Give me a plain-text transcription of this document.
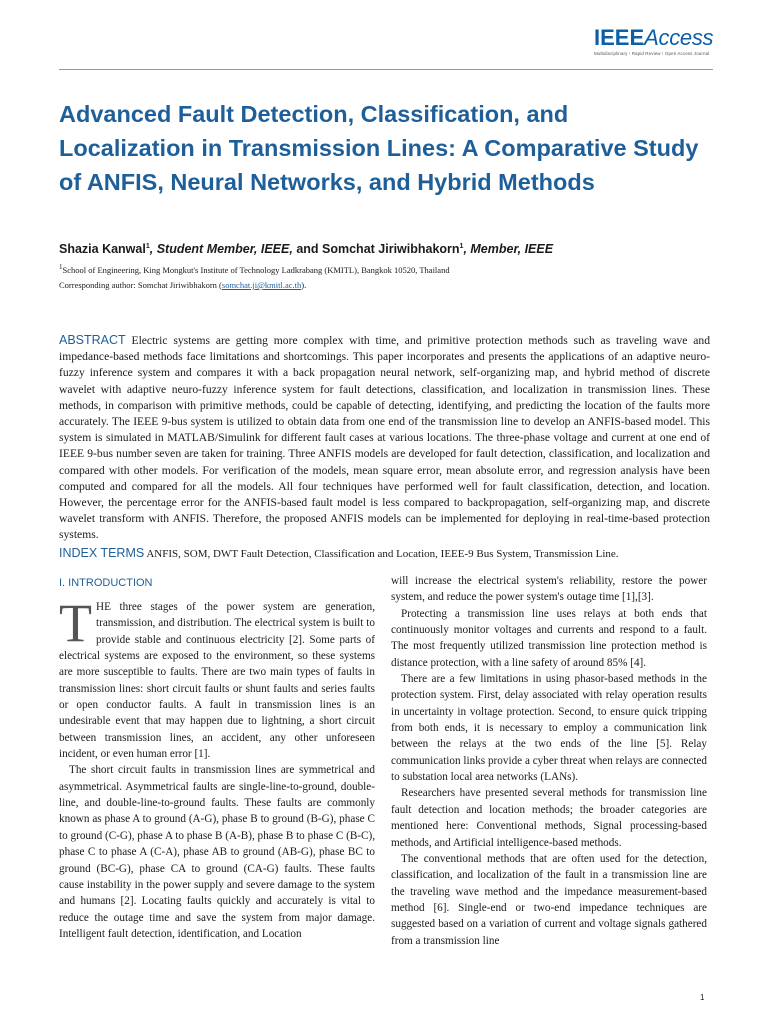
IEEEAccess
Multidisciplinary ⁝ Rapid Review ⁝ Open Access Journal
Advanced Fault Detection, Classification, and Localization in Transmission Lines: A Comparative Study of ANFIS, Neural Networks, and Hybrid Methods
Shazia Kanwal$^1$, Student Member, IEEE, and Somchat Jiriwibhakorn$^1$, Member, IEEE
$^1$School of Engineering, King Mongkut's Institute of Technology Ladkrabang (KMITL), Bangkok 10520, Thailand
Corresponding author: Somchat Jiriwibhakorn (somchat.ji@kmitl.ac.th).

ABSTRACT Electric systems are getting more complex with time, and primitive protection methods such as traveling wave and impedance-based methods face limitations and shortcomings. This paper incorporates and presents the applications of an adaptive neuro-fuzzy inference system and compares it with a back propagation neural network, self-organizing map, and hybrid method of discrete wavelet with adaptive neuro-fuzzy inference system for fault detections, classification, and localization in transmission lines. These methods, in comparison with primitive methods, could be capable of detecting, identifying, and predicting the location of the faults more accurately. The IEEE 9-bus system is utilized to obtain data from one end of the transmission line to develop an ANFIS-based model. This system is simulated in MATLAB/Simulink for different fault cases at various locations. The three-phase voltage and current at one end of IEEE 9-bus number seven are taken for training. Three ANFIS models are developed for fault detection, classification, and localization and compared with other models. For verification of the models, mean square error, mean absolute error, and regression analysis have been computed and compared for all the models. All four techniques have performed well for fault classification, detection, and location. However, the percentage error for the ANFIS-based fault model is less compared to backpropagation, self-organizing map, and discrete wavelet transform with ANFIS. Therefore, the proposed ANFIS models can be implemented for deploying in real-time-based protection systems.

INDEX TERMS ANFIS, SOM, DWT Fault Detection, Classification and Location, IEEE-9 Bus System, Transmission Line.

I. INTRODUCTION

THE three stages of the power system are generation, transmission, and distribution. The electrical system is built to provide stable and continuous electricity [2]. Some parts of electrical systems are exposed to the environment, so these systems are more susceptible to faults. There are two main types of faults in transmission lines: short circuit faults or shunt faults and series faults or open conductor faults. A fault in transmission lines is an undesirable event that may happen due to lightning, a short circuit between transmission lines, an accident, any other unforeseen incident, or even human error [1].

The short circuit faults in transmission lines are symmetrical and asymmetrical. Asymmetrical faults are single-line-to-ground, double-line, and double-line-to-ground faults. These faults are commonly known as phase A to ground (A-G), phase B to ground (B-G), phase C to ground (C-G), phase A to phase B (A-B), phase B to phase C (B-C), phase C to phase A (C-A), phase AB to ground (AB-G), phase BC to ground (BC-G), phase CA to ground (CA-G) faults. These faults cause instability in the power supply and severe damage to the system and humans [2]. Locating faults quickly and accurately is vital to reduce the outage time and save the system from major damage. Intelligent fault detection, identification, and Location

will increase the electrical system's reliability, restore the power system, and reduce the power system's outage time [1],[3].

Protecting a transmission line uses relays at both ends that continuously monitor voltages and currents and respond to a fault. The most frequently utilized transmission line protection method is distance protection, with a line safety of around 85% [4].

There are a few limitations in using phasor-based methods in the protection system. First, delay associated with relay operation results in uncertainty in voltage protection. Second, to ensure quick tripping from both ends, it is necessary to employ a communication link between the relays at the two ends of the line [5]. Relay communication links provide a cyber threat when relays are connected to substation local area networks (LANs).

Researchers have presented several methods for transmission line fault detection and location methods; the broader categories are mentioned here: Conventional methods, Signal processing-based methods, and Artificial intelligence-based methods.

The conventional methods that are often used for the detection, classification, and localization of the fault in a transmission line are the traveling wave method and the impedance measurement-based method [6]. Single-end or two-end impedance techniques are suggested based on a variation of current and voltage signals gathered from a transmission line

1
